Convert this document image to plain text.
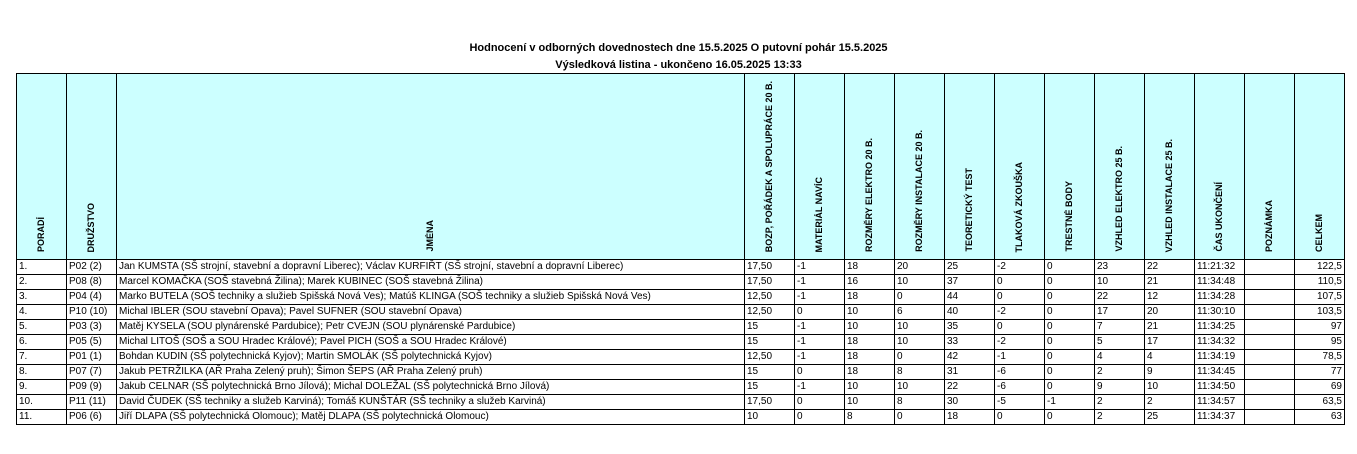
Hodnocení v odborných dovednostech dne 15.5.2025 O putovní pohár 15.5.2025
Výsledková listina - ukončeno 16.05.2025 13:33
PORADÍ	DRUŽSTVO	JMÉNA	BOZP, POŘÁDEK A SPOLUPRÁCE 20 B.	MATERIÁL NAVÍC	ROZMĚRY ELEKTRO 20 B.	ROZMĚRY INSTALACE 20 B.	TEORETICKÝ TEST	TLAKOVÁ ZKOUŠKA	TRESTNÉ BODY	VZHLED ELEKTRO 25 B.	VZHLED INSTALACE 25 B.	ČAS UKONČENÍ	POZNÁMKA	CELKEM
1.	P02 (2)	Jan KUMSTA (SŠ strojní, stavební a dopravní Liberec); Václav KURFIŘT (SŠ strojní, stavební a dopravní Liberec)	17,50	-1	18	20	25	-2	0	23	22	11:21:32		122,5
2.	P08 (8)	Marcel KOMAČKA (SOŠ stavebná Žilina); Marek KUBINEC (SOŠ stavebná Žilina)	17,50	-1	16	10	37	0	0	10	21	11:34:48		110,5
3.	P04 (4)	Marko BUTELA (SOŠ techniky a služieb Spišská Nová Ves); Matúš KLINGA (SOŠ techniky a služieb Spišská Nová Ves)	12,50	-1	18	0	44	0	0	22	12	11:34:28		107,5
4.	P10 (10)	Michal IBLER (SOU stavební Opava); Pavel SUFNER (SOU stavební Opava)	12,50	0	10	6	40	-2	0	17	20	11:30:10		103,5
5.	P03 (3)	Matěj KYSELA (SOU plynárenské Pardubice); Petr CVEJN (SOU plynárenské Pardubice)	15	-1	10	10	35	0	0	7	21	11:34:25		97
6.	P05 (5)	Michal LITOŠ (SOŠ a SOU Hradec Králové); Pavel PICH (SOŠ a SOU Hradec Králové)	15	-1	18	10	33	-2	0	5	17	11:34:32		95
7.	P01 (1)	Bohdan KUDIN (SŠ polytechnická Kyjov); Martin SMOLÁK (SŠ polytechnická Kyjov)	12,50	-1	18	0	42	-1	0	4	4	11:34:19		78,5
8.	P07 (7)	Jakub PETRŽILKA (AŘ Praha Zelený pruh); Šimon ŠEPS (AŘ Praha Zelený pruh)	15	0	18	8	31	-6	0	2	9	11:34:45		77
9.	P09 (9)	Jakub CELNAR (SŠ polytechnická Brno Jílová); Michal DOLEŽAL (SŠ polytechnická Brno Jílová)	15	-1	10	10	22	-6	0	9	10	11:34:50		69
10.	P11 (11)	David ČUDEK (SŠ techniky a služeb Karviná); Tomáš KUNŠTÁR (SŠ techniky a služeb Karviná)	17,50	0	10	8	30	-5	-1	2	2	11:34:57		63,5
11.	P06 (6)	Jiří DLAPA (SŠ polytechnická Olomouc); Matěj DLAPA (SŠ polytechnická Olomouc)	10	0	8	0	18	0	0	2	25	11:34:37		63
